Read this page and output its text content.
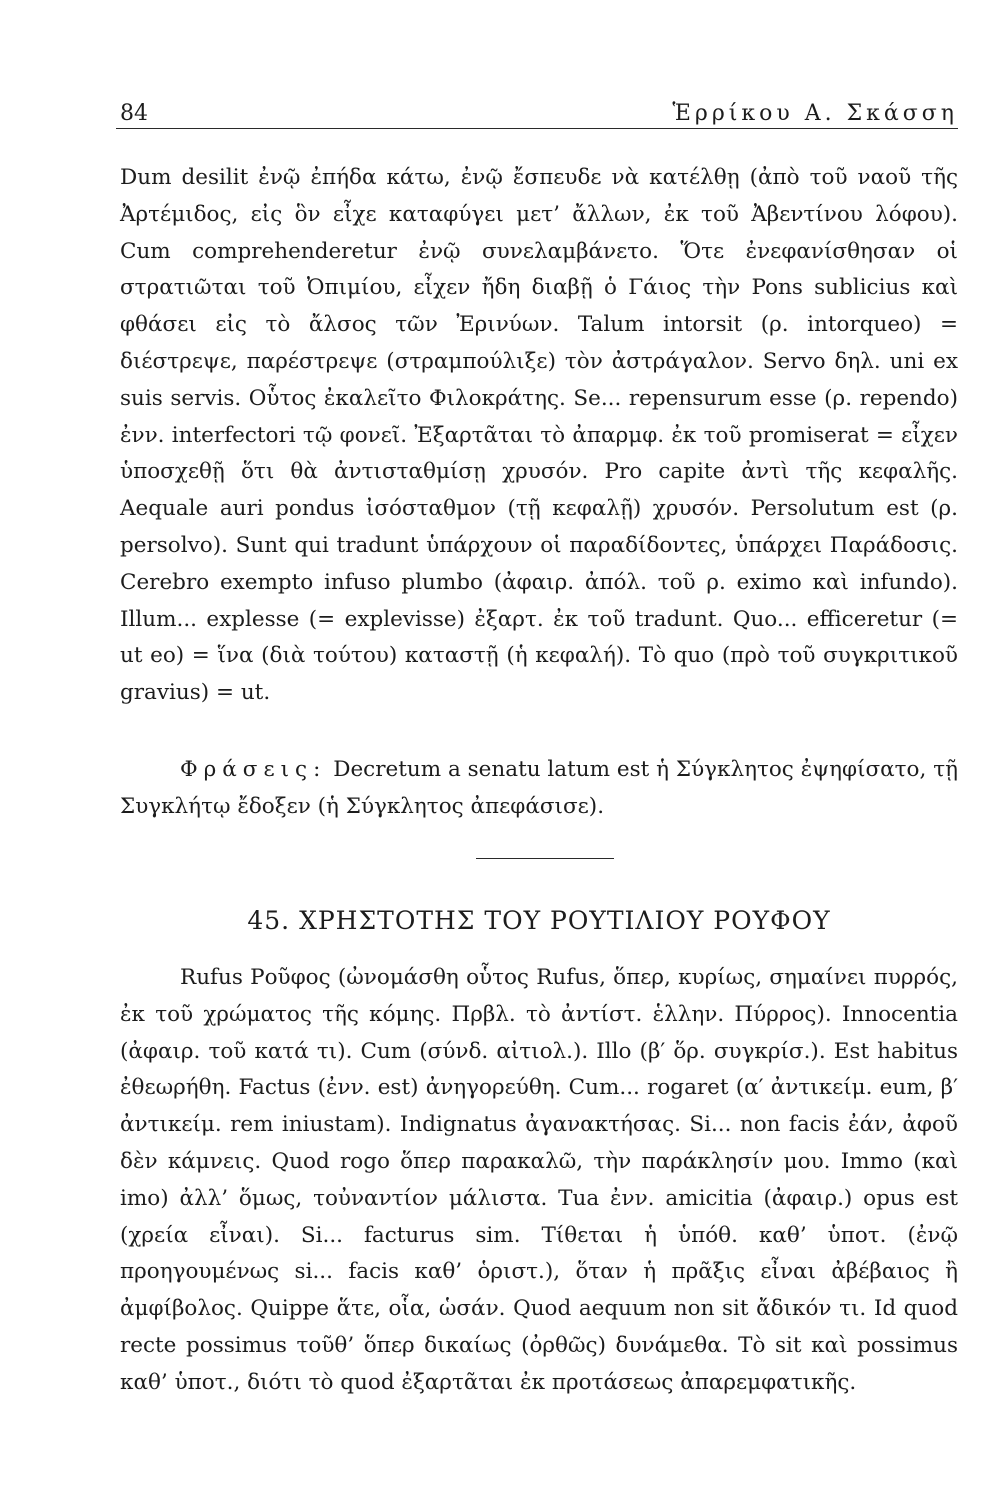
84	Ἑρρίκου Α. Σκάσση

Dum desilit ἐνῷ ἐπήδα κάτω, ἐνῷ ἔσπευδε νὰ κατέλθῃ (ἀπὸ τοῦ ναοῦ τῆς Ἀρτέμιδος, εἰς ὃν εἶχε καταφύγει μετ’ ἄλλων, ἐκ τοῦ Ἀβεντίνου λόφου). Cum comprehenderetur ἐνῷ συνελαμβάνετο. Ὅτε ἐνεφανίσθησαν οἱ στρατιῶται τοῦ Ὀπιμίου, εἶχεν ἤδη διαβῇ ὁ Γάιος τὴν Pons sublicius καὶ φθάσει εἰς τὸ ἄλσος τῶν Ἐρινύων. Talum intorsit (ρ. intorqueo) = διέστρεψε, παρέστρεψε (στραμπούλιξε) τὸν ἀστράγαλον. Servo δηλ. uni ex suis servis. Οὗτος ἐκαλεῖτο Φιλοκράτης. Se... repensurum esse (ρ. rependo) ἐνν. interfectori τῷ φονεῖ. Ἐξαρτᾶται τὸ ἀπαρμφ. ἐκ τοῦ promiserat = εἶχεν ὑποσχεθῇ ὅτι θὰ ἀντισταθμίσῃ χρυσόν. Pro capite ἀντὶ τῆς κεφαλῆς. Aequale auri pondus ἰσόσταθμον (τῇ κεφαλῇ) χρυσόν. Persolutum est (ρ. persolvo). Sunt qui tradunt ὑπάρχουν οἱ παραδίδοντες, ὑπάρχει Παράδοσις. Cerebro exempto infuso plumbo (ἀφαιρ. ἀπόλ. τοῦ ρ. eximo καὶ infundo). Illum... explesse (= explevisse) ἐξαρτ. ἐκ τοῦ tradunt. Quo... efficeretur (= ut eo) = ἵνα (διὰ τούτου) καταστῇ (ἡ κεφαλή). Τὸ quo (πρὸ τοῦ συγκριτικοῦ gravius) = ut.

Φράσεις: Decretum a senatu latum est ἡ Σύγκλητος ἐψηφίσατο, τῇ Συγκλήτῳ ἔδοξεν (ἡ Σύγκλητος ἀπεφάσισε).

45. ΧΡΗΣΤΟΤΗΣ ΤΟΥ ΡΟΥΤΙΛΙΟΥ ΡΟΥΦΟΥ

Rufus Ροῦφος (ὠνομάσθη οὗτος Rufus, ὅπερ, κυρίως, σημαίνει πυρρός, ἐκ τοῦ χρώματος τῆς κόμης. Πρβλ. τὸ ἀντίστ. ἑλλην. Πύρρος). Innocentia (ἀφαιρ. τοῦ κατά τι). Cum (σύνδ. αἰτιολ.). Illo (β′ ὅρ. συγκρίσ.). Est habitus ἐθεωρήθη. Factus (ἐνν. est) ἀνηγορεύθη. Cum... rogaret (α′ ἀντικείμ. eum, β′ ἀντικείμ. rem iniustam). Indignatus ἀγανακτήσας. Si... non facis ἐάν, ἀφοῦ δὲν κάμνεις. Quod rogo ὅπερ παρακαλῶ, τὴν παράκλησίν μου. Immo (καὶ imo) ἀλλ’ ὅμως, τοὐναντίον μάλιστα. Tua ἐνν. amicitia (ἀφαιρ.) opus est (χρεία εἶναι). Si... facturus sim. Τίθεται ἡ ὑπόθ. καθ’ ὑποτ. (ἐνῷ προηγουμένως si... facis καθ’ ὁριστ.), ὅταν ἡ πρᾶξις εἶναι ἀβέβαιος ἢ ἀμφίβολος. Quippe ἅτε, οἷα, ὡσάν. Quod aequum non sit ἄδικόν τι. Id quod recte possimus τοῦθ’ ὅπερ δικαίως (ὀρθῶς) δυνάμεθα. Τὸ sit καὶ possimus καθ’ ὑποτ., διότι τὸ quod ἐξαρτᾶται ἐκ προτάσεως ἀπαρεμφατικῆς.
